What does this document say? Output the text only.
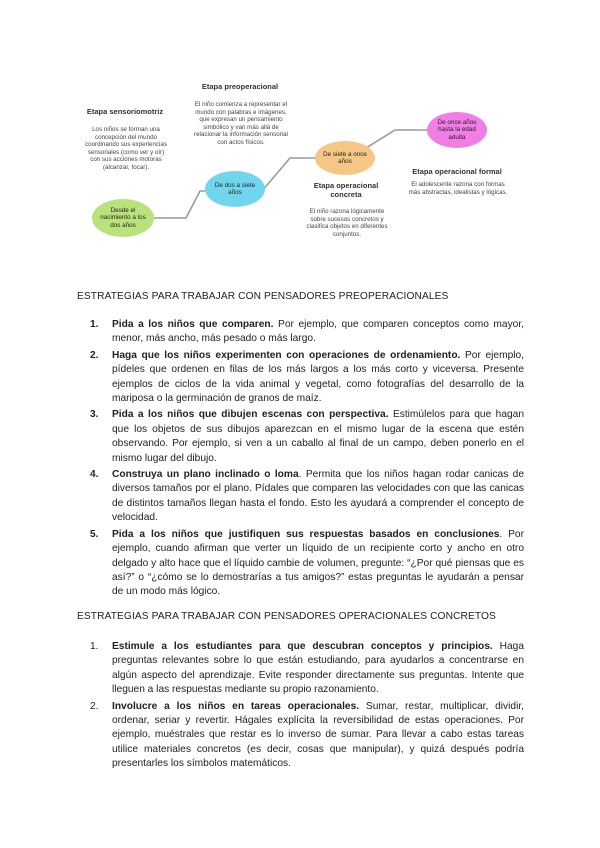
Etapa sensoriomotriz
Los niños se forman una concepción del mundo coordinando sus experiencias sensoriales (como ver y oír) con sus acciones motoras (alcanzar, tocar).
Desde el nacimiento a los dos años
Etapa preoperacional
El niño comienza a representar el mundo con palabras e imágenes, que expresan un pensamiento simbólico y van más allá de relacionar la información sensorial con actos físicos.
De dos a siete años
De siete a once años
Etapa operacional concreta
El niño razona lógicamente sobre sucesos concretos y clasifica objetos en diferentes conjuntos.
De once años hasta la edad adulta
Etapa operacional formal
El adolescente razona con formas más abstractas, idealistas y lógicas.
ESTRATEGIAS PARA TRABAJAR CON PENSADORES PREOPERACIONALES
1. Pida a los niños que comparen. Por ejemplo, que comparen conceptos como mayor, menor, más ancho, más pesado o más largo.
2. Haga que los niños experimenten con operaciones de ordenamiento. Por ejemplo, pídeles que ordenen en filas de los más largos a los más corto y viceversa. Presente ejemplos de ciclos de la vida animal y vegetal, como fotografías del desarrollo de la mariposa o la germinación de granos de maíz.
3. Pida a los niños que dibujen escenas con perspectiva. Estimúlelos para que hagan que los objetos de sus dibujos aparezcan en el mismo lugar de la escena que estén observando. Por ejemplo, si ven a un caballo al final de un campo, deben ponerlo en el mismo lugar del dibujo.
4. Construya un plano inclinado o loma. Permita que los niños hagan rodar canicas de diversos tamaños por el plano. Pídales que comparen las velocidades con que las canicas de distintos tamaños llegan hasta el fondo. Esto les ayudará a comprender el concepto de velocidad.
5. Pida a los niños que justifiquen sus respuestas basados en conclusiones. Por ejemplo, cuando afirman que verter un líquido de un recipiente corto y ancho en otro delgado y alto hace que el líquido cambie de volumen, pregunte: “¿Por qué piensas que es así?” o “¿cómo se lo demostrarías a tus amigos?” estas preguntas le ayudarán a pensar de un modo más lógico.
ESTRATEGIAS PARA TRABAJAR CON PENSADORES OPERACIONALES CONCRETOS
1. Estimule a los estudiantes para que descubran conceptos y principios. Haga preguntas relevantes sobre lo que están estudiando, para ayudarlos a concentrarse en algún aspecto del aprendizaje. Evite responder directamente sus preguntas. Intente que lleguen a las respuestas mediante su propio razonamiento.
2. Involucre a los niños en tareas operacionales. Sumar, restar, multiplicar, dividir, ordenar, seriar y revertir. Hágales explícita la reversibilidad de estas operaciones. Por ejemplo, muéstrales que restar es lo inverso de sumar. Para llevar a cabo estas tareas utilice materiales concretos (es decir, cosas que manipular), y quizá después podría presentarles los símbolos matemáticos.
